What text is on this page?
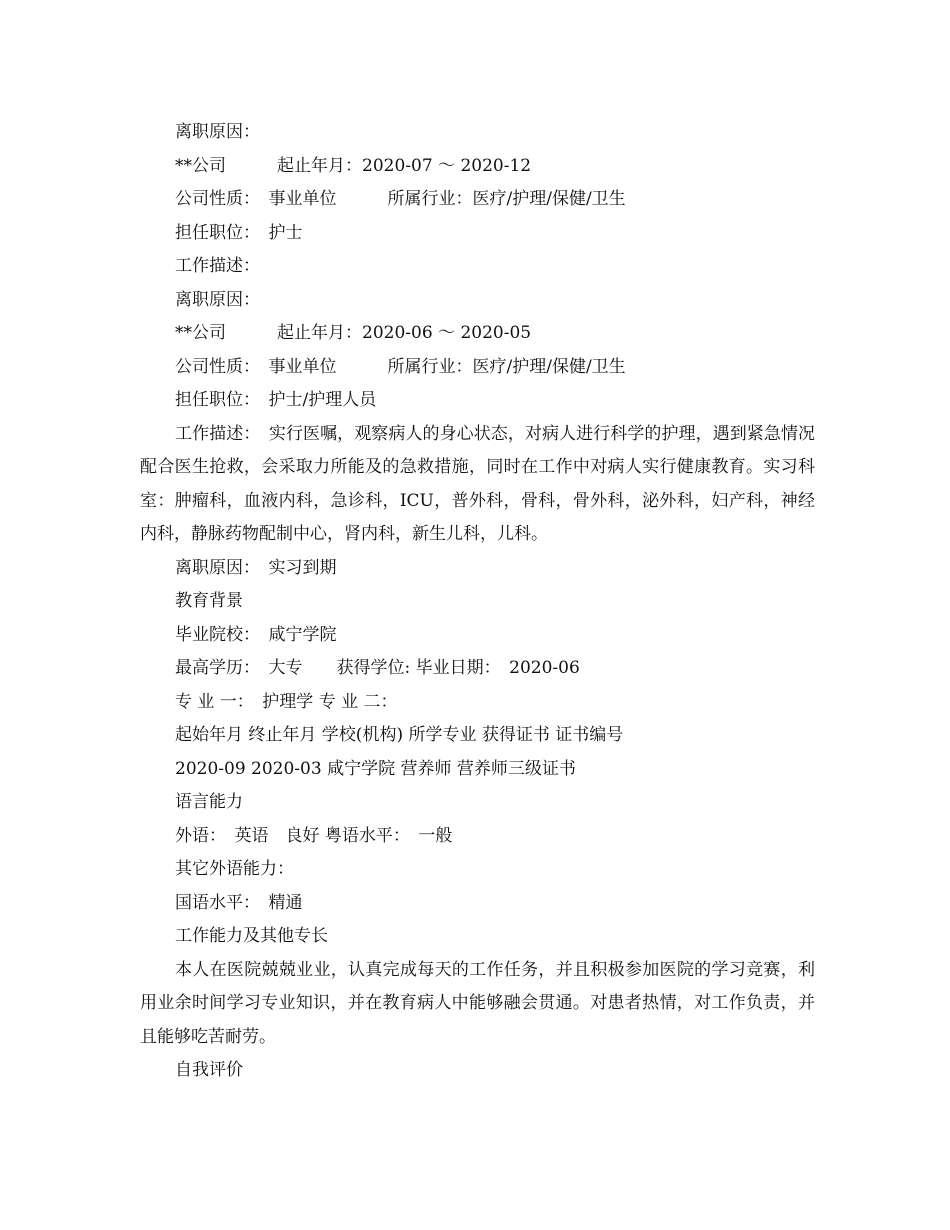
离职原因：
**公司　　　起止年月：2020-07 ～ 2020-12
公司性质：　事业单位　　　所属行业：医疗/护理/保健/卫生
担任职位：　护士
工作描述：
离职原因：
**公司　　　起止年月：2020-06 ～ 2020-05
公司性质：　事业单位　　　所属行业：医疗/护理/保健/卫生
担任职位：　护士/护理人员
工作描述：　实行医嘱，观察病人的身心状态，对病人进行科学的护理，遇到紧急情况配合医生抢救，会采取力所能及的急救措施，同时在工作中对病人实行健康教育。实习科室：肿瘤科，血液内科，急诊科，ICU，普外科，骨科，骨外科，泌外科，妇产科，神经内科，静脉药物配制中心，肾内科，新生儿科，儿科。
离职原因：　实习到期
教育背景
毕业院校：　咸宁学院
最高学历：　大专　　获得学位: 毕业日期：　2020-06
专 业 一：　护理学 专 业 二：
起始年月 终止年月 学校(机构) 所学专业 获得证书 证书编号
2020-09 2020-03 咸宁学院 营养师 营养师三级证书
语言能力
外语：　英语　良好 粤语水平：　一般
其它外语能力：
国语水平：　精通
工作能力及其他专长
本人在医院兢兢业业，认真完成每天的工作任务，并且积极参加医院的学习竞赛，利用业余时间学习专业知识，并在教育病人中能够融会贯通。对患者热情，对工作负责，并且能够吃苦耐劳。
自我评价
